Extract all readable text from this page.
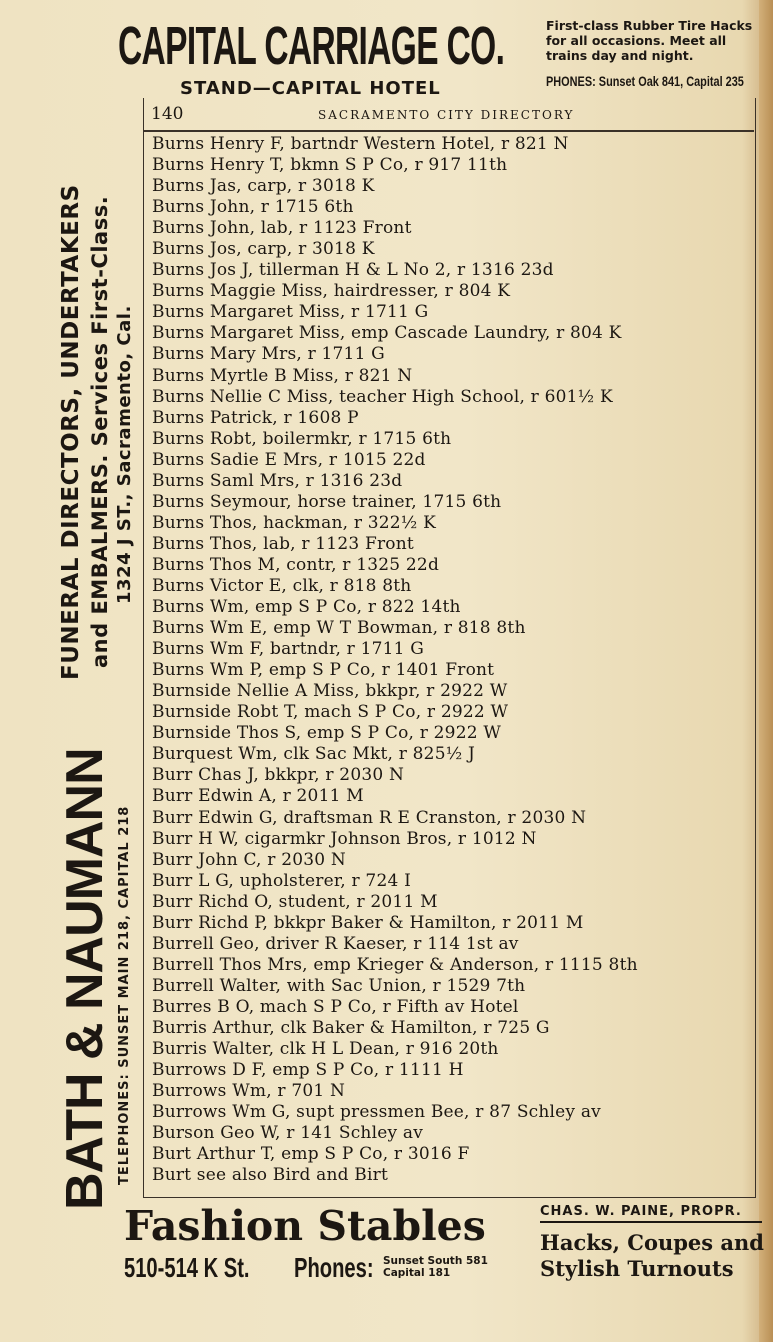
CAPITAL CARRIAGE CO.
STAND—CAPITAL HOTEL
First-class Rubber Tire Hacks
for all occasions. Meet all
trains day and night.
PHONES: Sunset Oak 841, Capital 235
BATH & NAUMANN
FUNERAL DIRECTORS, UNDERTAKERS and EMBALMERS. Services First-Class. 1324 J ST., Sacramento, Cal.
TELEPHONES: SUNSET MAIN 218, CAPITAL 218
140	SACRAMENTO CITY DIRECTORY
Burns Henry F, bartndr Western Hotel, r 821 N
Burns Henry T, bkmn S P Co, r 917 11th
Burns Jas, carp, r 3018 K
Burns John, r 1715 6th
Burns John, lab, r 1123 Front
Burns Jos, carp, r 3018 K
Burns Jos J, tillerman H & L No 2, r 1316 23d
Burns Maggie Miss, hairdresser, r 804 K
Burns Margaret Miss, r 1711 G
Burns Margaret Miss, emp Cascade Laundry, r 804 K
Burns Mary Mrs, r 1711 G
Burns Myrtle B Miss, r 821 N
Burns Nellie C Miss, teacher High School, r 601½ K
Burns Patrick, r 1608 P
Burns Robt, boilermkr, r 1715 6th
Burns Sadie E Mrs, r 1015 22d
Burns Saml Mrs, r 1316 23d
Burns Seymour, horse trainer, 1715 6th
Burns Thos, hackman, r 322½ K
Burns Thos, lab, r 1123 Front
Burns Thos M, contr, r 1325 22d
Burns Victor E, clk, r 818 8th
Burns Wm, emp S P Co, r 822 14th
Burns Wm E, emp W T Bowman, r 818 8th
Burns Wm F, bartndr, r 1711 G
Burns Wm P, emp S P Co, r 1401 Front
Burnside Nellie A Miss, bkkpr, r 2922 W
Burnside Robt T, mach S P Co, r 2922 W
Burnside Thos S, emp S P Co, r 2922 W
Burquest Wm, clk Sac Mkt, r 825½ J
Burr Chas J, bkkpr, r 2030 N
Burr Edwin A, r 2011 M
Burr Edwin G, draftsman R E Cranston, r 2030 N
Burr H W, cigarmkr Johnson Bros, r 1012 N
Burr John C, r 2030 N
Burr L G, upholsterer, r 724 I
Burr Richd O, student, r 2011 M
Burr Richd P, bkkpr Baker & Hamilton, r 2011 M
Burrell Geo, driver R Kaeser, r 114 1st av
Burrell Thos Mrs, emp Krieger & Anderson, r 1115 8th
Burrell Walter, with Sac Union, r 1529 7th
Burres B O, mach S P Co, r Fifth av Hotel
Burris Arthur, clk Baker & Hamilton, r 725 G
Burris Walter, clk H L Dean, r 916 20th
Burrows D F, emp S P Co, r 1111 H
Burrows Wm, r 701 N
Burrows Wm G, supt pressmen Bee, r 87 Schley av
Burson Geo W, r 141 Schley av
Burt Arthur T, emp S P Co, r 3016 F
Burt see also Bird and Birt
Fashion Stables
510-514 K St. Phones: Sunset South 581
Capital 181
CHAS. W. PAINE, PROPR.
Hacks, Coupes and
Stylish Turnouts
